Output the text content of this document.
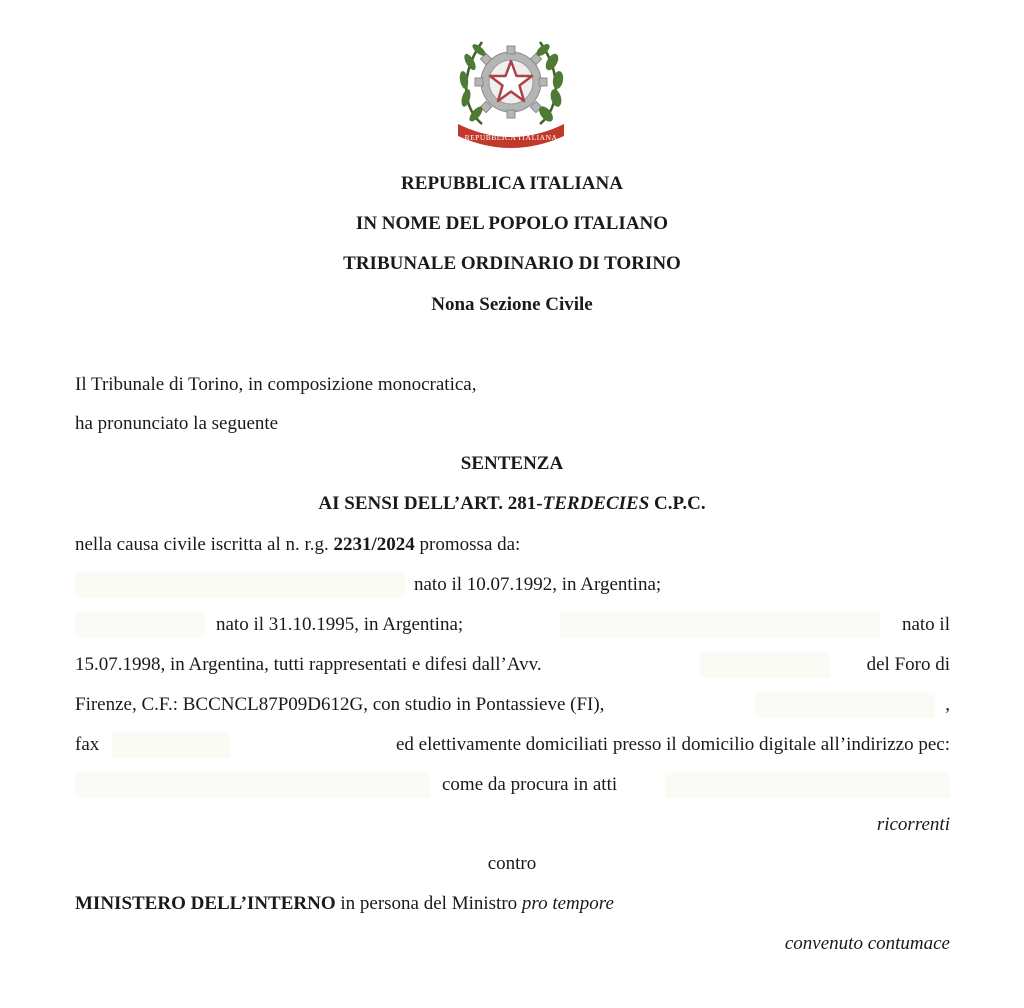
REPUBBLICA ITALIANA
REPUBBLICA ITALIANA
IN NOME DEL POPOLO ITALIANO
TRIBUNALE ORDINARIO DI TORINO
Nona Sezione Civile
Il Tribunale di Torino, in composizione monocratica,
ha pronunciato la seguente
SENTENZA
AI SENSI DELL’ART. 281-TERDECIES C.P.C.
nella causa civile iscritta al n. r.g. 2231/2024 promossa da:
nato il 10.07.1992, in Argentina;
nato il 31.10.1995, in Argentina;	nato il
15.07.1998, in Argentina, tutti rappresentati e difesi dall’Avv.	del Foro di
Firenze, C.F.: BCCNCL87P09D612G, con studio in Pontassieve (FI),	,
fax	ed elettivamente domiciliati presso il domicilio digitale all’indirizzo pec:
come da procura in atti
ricorrenti
contro
MINISTERO DELL’INTERNO in persona del Ministro pro tempore
convenuto contumace
